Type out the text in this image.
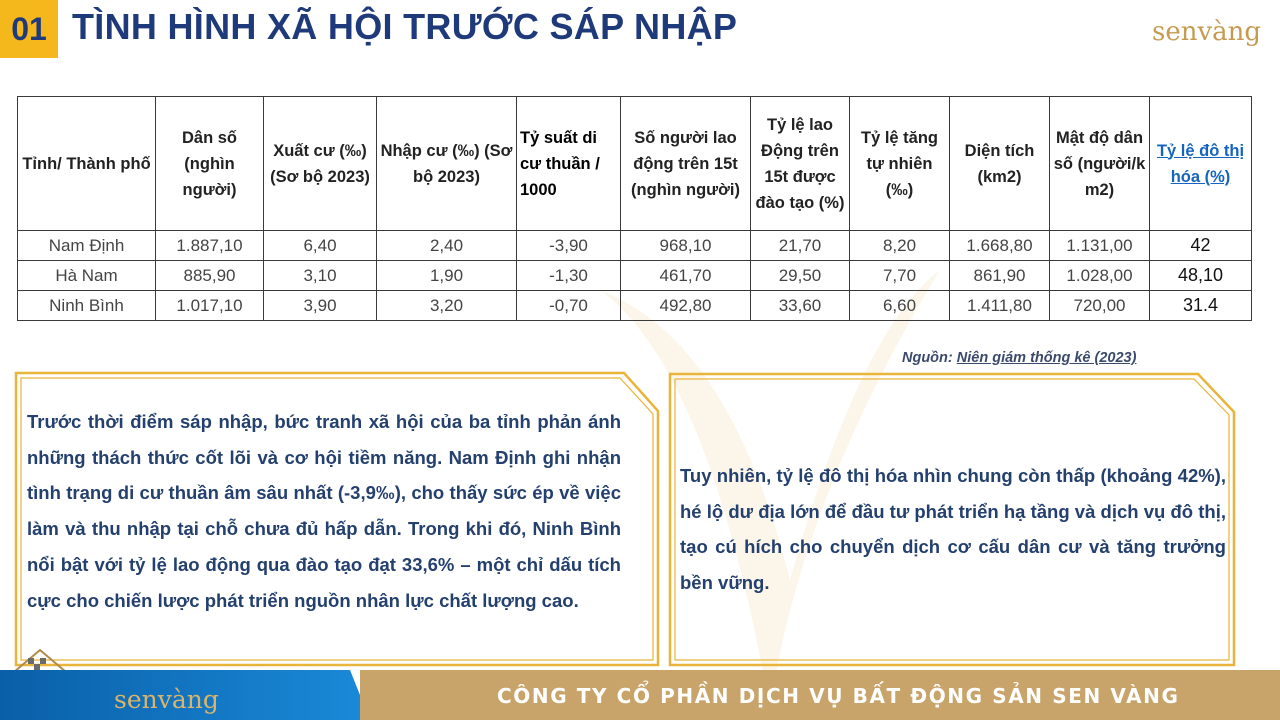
01 TÌNH HÌNH XÃ HỘI TRƯỚC SÁP NHẬP	senvàng
Tỉnh/ Thành phố	Dân số (nghìn người)	Xuất cư (‰) (Sơ bộ 2023)	Nhập cư (‰) (Sơ bộ 2023)	Tỷ suất di cư thuần / 1000	Số người lao động trên 15t (nghìn người)	Tỷ lệ lao Động trên 15t được đào tạo (%)	Tỷ lệ tăng tự nhiên (‰)	Diện tích (km2)	Mật độ dân số (người/k m2)	Tỷ lệ đô thị hóa (%)
Nam Định	1.887,10	6,40	2,40	-3,90	968,10	21,70	8,20	1.668,80	1.131,00	42
Hà Nam	885,90	3,10	1,90	-1,30	461,70	29,50	7,70	861,90	1.028,00	48,10
Ninh Bình	1.017,10	3,90	3,20	-0,70	492,80	33,60	6,60	1.411,80	720,00	31.4
Nguồn: Niên giám thống kê (2023)
Trước thời điểm sáp nhập, bức tranh xã hội của ba tỉnh phản ánh những thách thức cốt lõi và cơ hội tiềm năng. Nam Định ghi nhận tình trạng di cư thuần âm sâu nhất (-3,9‰), cho thấy sức ép về việc làm và thu nhập tại chỗ chưa đủ hấp dẫn. Trong khi đó, Ninh Bình nổi bật với tỷ lệ lao động qua đào tạo đạt 33,6% – một chỉ dấu tích cực cho chiến lược phát triển nguồn nhân lực chất lượng cao.
Tuy nhiên, tỷ lệ đô thị hóa nhìn chung còn thấp (khoảng 42%), hé lộ dư địa lớn để đầu tư phát triển hạ tầng và dịch vụ đô thị, tạo cú hích cho chuyển dịch cơ cấu dân cư và tăng trưởng bền vững.
senvàng	CÔNG TY CỔ PHẦN DỊCH VỤ BẤT ĐỘNG SẢN SEN VÀNG
